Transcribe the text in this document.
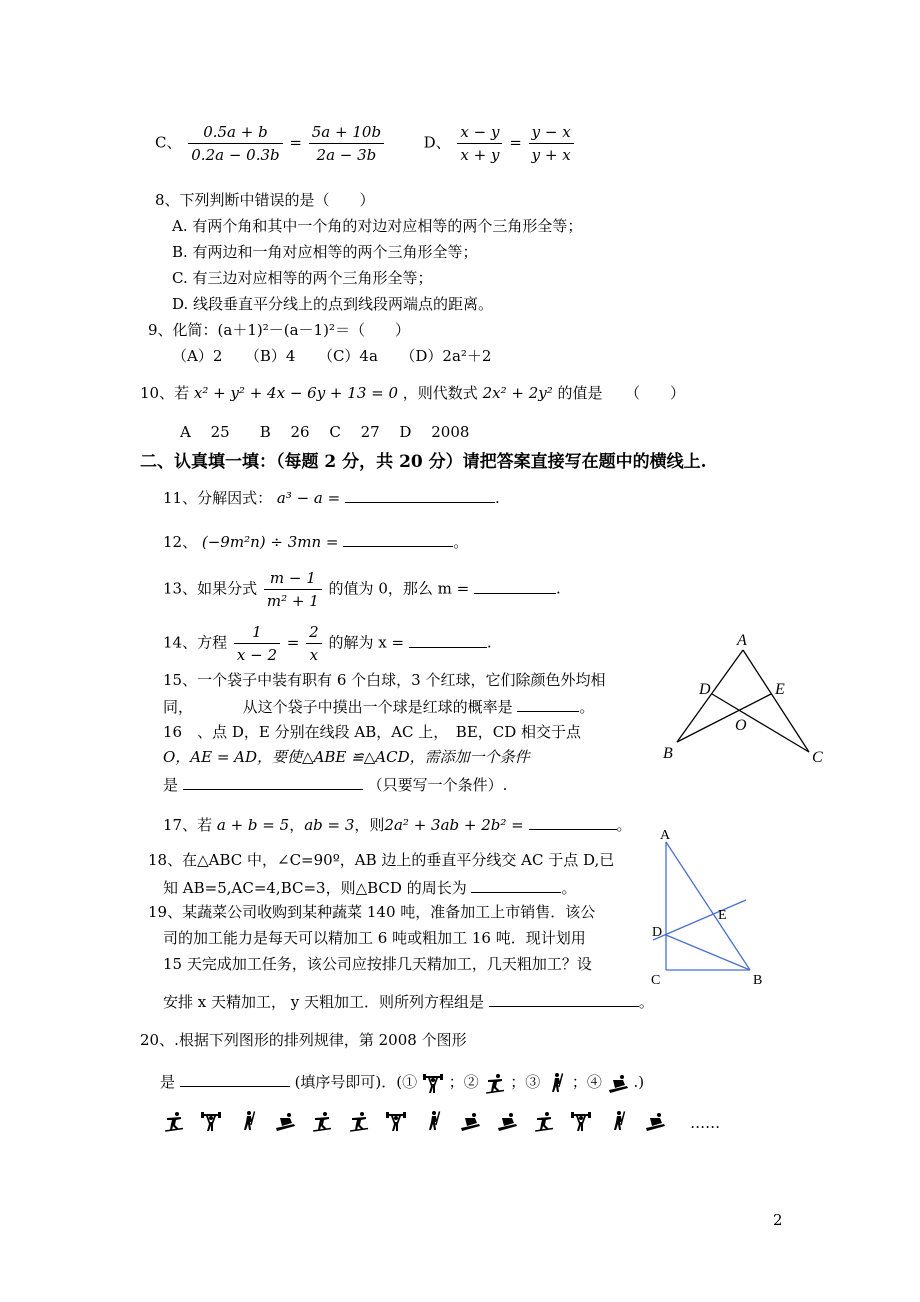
C、 $\frac{0.5a + b}{0.2a - 0.3b} = \frac{5a + 10b}{2a - 3b}$	D、 $\frac{x - y}{x + y} = \frac{y - x}{y + x}$
8、下列判断中错误的是（　　）
A. 有两个角和其中一个角的对边对应相等的两个三角形全等；
B. 有两边和一角对应相等的两个三角形全等；
C. 有三边对应相等的两个三角形全等；
D. 线段垂直平分线上的点到线段两端点的距离。
9、化简：(a＋1)²－(a－1)²＝（　　）
（A）2　　（B）4　　（C）4a　　（D）2a²＋2
10、若 x² + y² + 4x − 6y + 13 = 0 ，则代数式 2x² + 2y² 的值是　　（　　）
A　 25　　B　 26　 C　 27　 D　 2008
二、认真填一填：（每题 2 分，共 20 分）请把答案直接写在题中的横线上.
11、分解因式： a³ − a =	.
12、 (−9m²n) ÷ 3mn =	。
13、如果分式 $\frac{m - 1}{\text{m² + 1}}$ 的值为 0，那么 m =	.
14、方程 $\frac{1}{x - 2} = \frac{2}{x}$ 的解为 x =	.
15、一个袋子中装有职有 6 个白球，3 个红球，它们除颜色外均相
同，	从这个袋子中摸出一个球是红球的概率是	。
16　、点 D，E 分别在线段 AB，AC 上，　BE，CD 相交于点
O，AE = AD，要使△ABE ≌△ACD，需添加一个条件
是	（只要写一个条件）.
A
B	C
D	E
O
17、若 a + b = 5，ab = 3，则2a² + 3ab + 2b² =	。
18、在△ABC 中，∠C=90º，AB 边上的垂直平分线交 AC 于点 D,已
知 AB=5,AC=4,BC=3，则△BCD 的周长为	。
19、某蔬菜公司收购到某种蔬菜 140 吨，准备加工上市销售．该公
司的加工能力是每天可以精加工 6 吨或粗加工 16 吨．现计划用
15 天完成加工任务，该公司应按排几天精加工，几天粗加工？设
安排 x 天精加工， y 天粗加工．则所列方程组是	。
A
B
C
D
E
20、.根据下列图形的排列规律，第 2008 个图形
是	(填序号即可)．(① ；② ；③ ；④ .)
……
2
